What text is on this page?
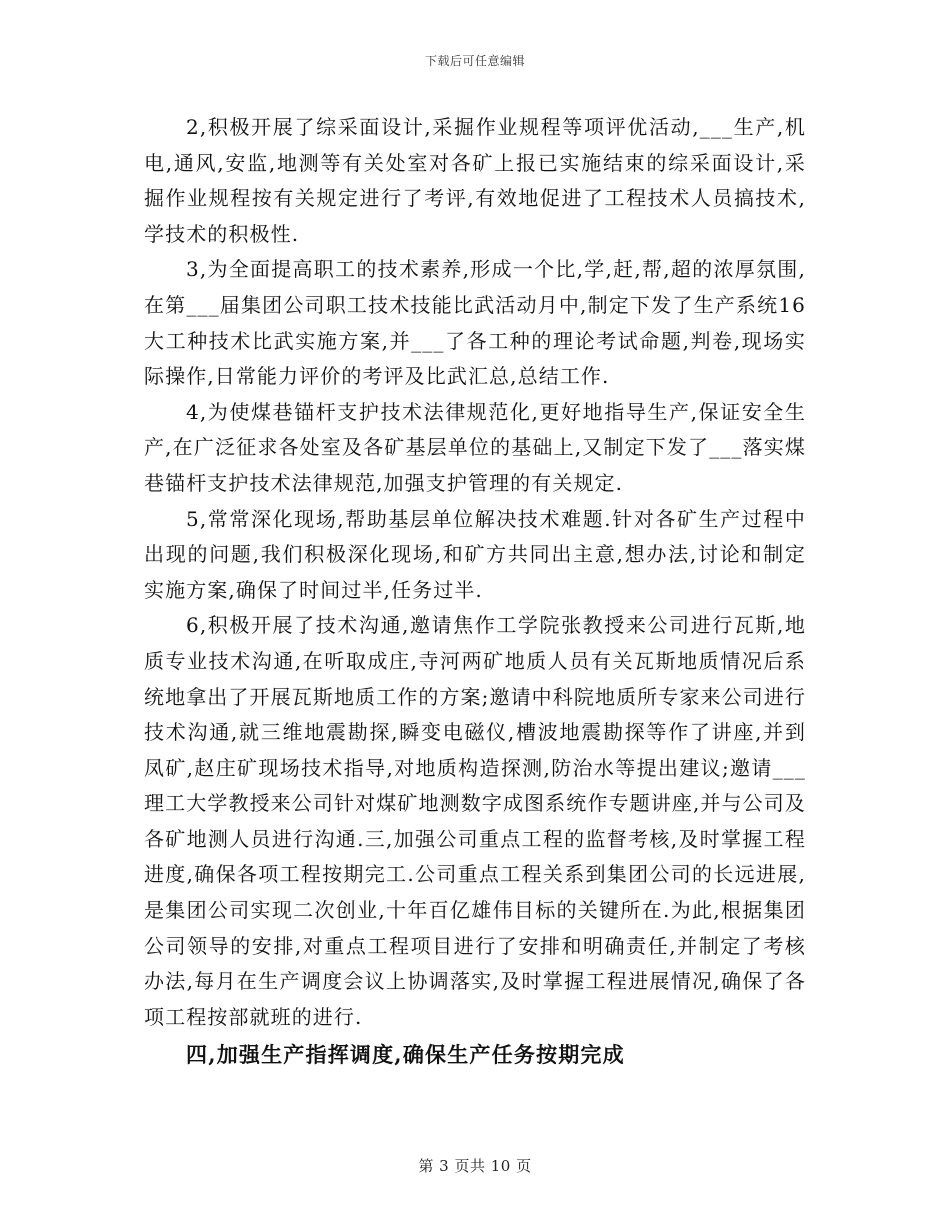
下载后可任意编辑

2,积极开展了综采面设计,采掘作业规程等项评优活动,___生产,机电,通风,安监,地测等有关处室对各矿上报已实施结束的综采面设计,采掘作业规程按有关规定进行了考评,有效地促进了工程技术人员搞技术,学技术的积极性.

3,为全面提高职工的技术素养,形成一个比,学,赶,帮,超的浓厚氛围,在第___届集团公司职工技术技能比武活动月中,制定下发了生产系统16大工种技术比武实施方案,并___了各工种的理论考试命题,判卷,现场实际操作,日常能力评价的考评及比武汇总,总结工作.

4,为使煤巷锚杆支护技术法律规范化,更好地指导生产,保证安全生产,在广泛征求各处室及各矿基层单位的基础上,又制定下发了___落实煤巷锚杆支护技术法律规范,加强支护管理的有关规定.

5,常常深化现场,帮助基层单位解决技术难题.针对各矿生产过程中出现的问题,我们积极深化现场,和矿方共同出主意,想办法,讨论和制定实施方案,确保了时间过半,任务过半.

6,积极开展了技术沟通,邀请焦作工学院张教授来公司进行瓦斯,地质专业技术沟通,在听取成庄,寺河两矿地质人员有关瓦斯地质情况后系统地拿出了开展瓦斯地质工作的方案;邀请中科院地质所专家来公司进行技术沟通,就三维地震勘探,瞬变电磁仪,槽波地震勘探等作了讲座,并到凤矿,赵庄矿现场技术指导,对地质构造探测,防治水等提出建议;邀请___理工大学教授来公司针对煤矿地测数字成图系统作专题讲座,并与公司及各矿地测人员进行沟通.三,加强公司重点工程的监督考核,及时掌握工程进度,确保各项工程按期完工.公司重点工程关系到集团公司的长远进展,是集团公司实现二次创业,十年百亿雄伟目标的关键所在.为此,根据集团公司领导的安排,对重点工程项目进行了安排和明确责任,并制定了考核办法,每月在生产调度会议上协调落实,及时掌握工程进展情况,确保了各项工程按部就班的进行.

四,加强生产指挥调度,确保生产任务按期完成

第 3 页共 10 页
